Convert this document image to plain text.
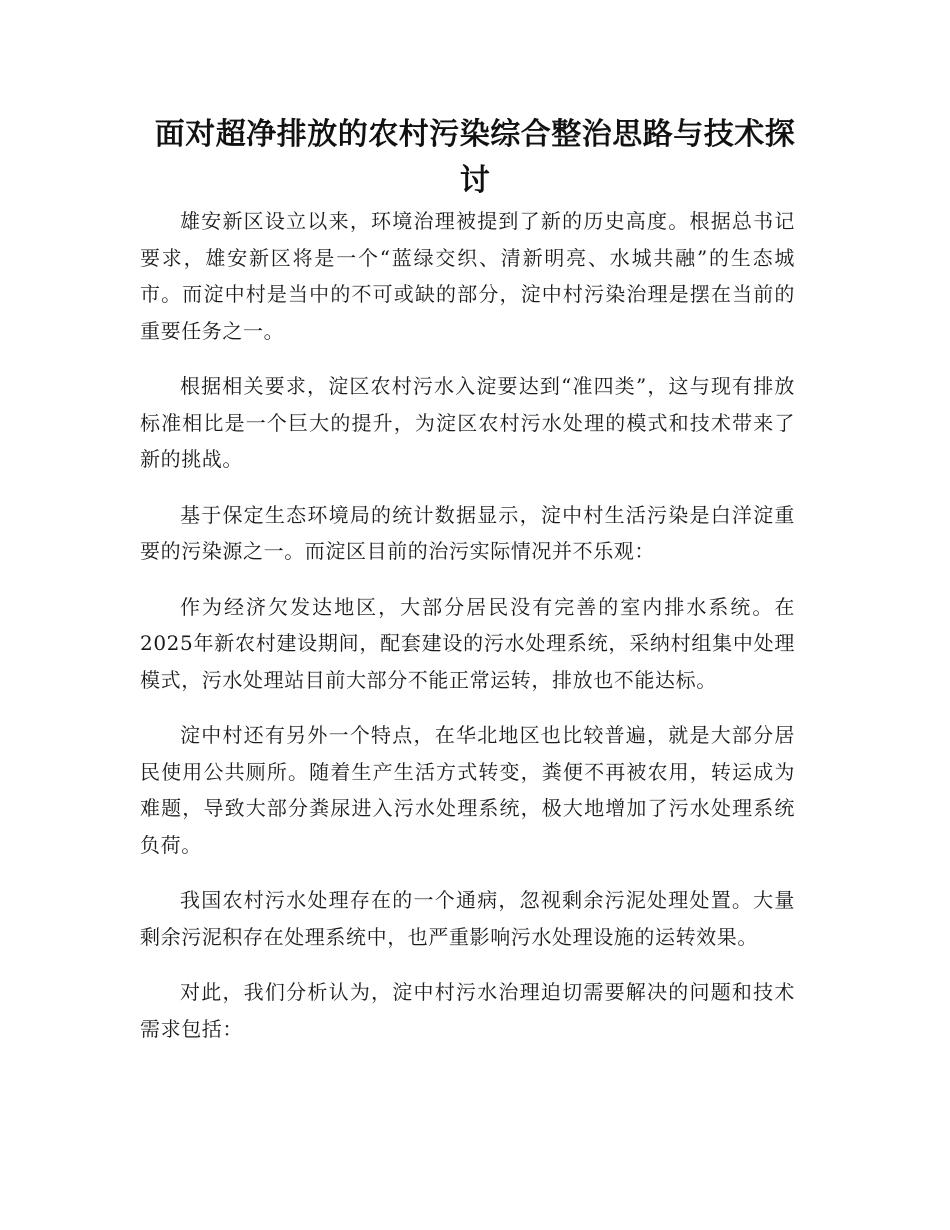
面对超净排放的农村污染综合整治思路与技术探讨

雄安新区设立以来，环境治理被提到了新的历史高度。根据总书记要求，雄安新区将是一个“蓝绿交织、清新明亮、水城共融”的生态城市。而淀中村是当中的不可或缺的部分，淀中村污染治理是摆在当前的重要任务之一。

根据相关要求，淀区农村污水入淀要达到“准四类”，这与现有排放标准相比是一个巨大的提升，为淀区农村污水处理的模式和技术带来了新的挑战。

基于保定生态环境局的统计数据显示，淀中村生活污染是白洋淀重要的污染源之一。而淀区目前的治污实际情况并不乐观：

作为经济欠发达地区，大部分居民没有完善的室内排水系统。在2025年新农村建设期间，配套建设的污水处理系统，采纳村组集中处理模式，污水处理站目前大部分不能正常运转，排放也不能达标。

淀中村还有另外一个特点，在华北地区也比较普遍，就是大部分居民使用公共厕所。随着生产生活方式转变，粪便不再被农用，转运成为难题，导致大部分粪尿进入污水处理系统，极大地增加了污水处理系统负荷。

我国农村污水处理存在的一个通病，忽视剩余污泥处理处置。大量剩余污泥积存在处理系统中，也严重影响污水处理设施的运转效果。

对此，我们分析认为，淀中村污水治理迫切需要解决的问题和技术需求包括：
